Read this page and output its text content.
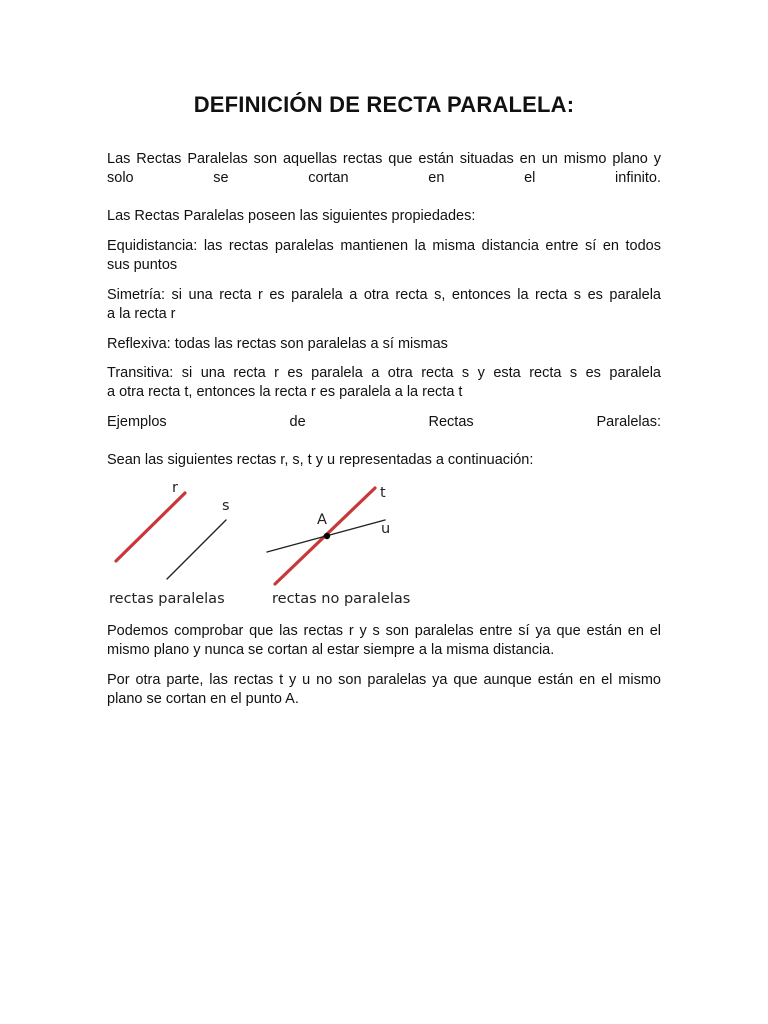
DEFINICIÓN DE RECTA PARALELA:

Las Rectas Paralelas son aquellas rectas que están situadas en un mismo plano y

solo se cortan en el infinito.

Las Rectas Paralelas poseen las siguientes propiedades:

Equidistancia: las rectas paralelas mantienen la misma distancia entre sí en todos

sus puntos

Simetría: si una recta r es paralela a otra recta s, entonces la recta s es paralela

a la recta r

Reflexiva: todas las rectas son paralelas a sí mismas

Transitiva: si una recta r es paralela a otra recta s y esta recta s es paralela

a otra recta t, entonces la recta r es paralela a la recta t

Ejemplos de Rectas Paralelas:

Sean las siguientes rectas r, s, t y u representadas a continuación:

r
s
t
u
A
rectas paralelas	rectas no paralelas

Podemos comprobar que las rectas r y s son paralelas entre sí ya que están en el

mismo plano y nunca se cortan al estar siempre a la misma distancia.

Por otra parte, las rectas t y u no son paralelas ya que aunque están en el mismo

plano se cortan en el punto A.
